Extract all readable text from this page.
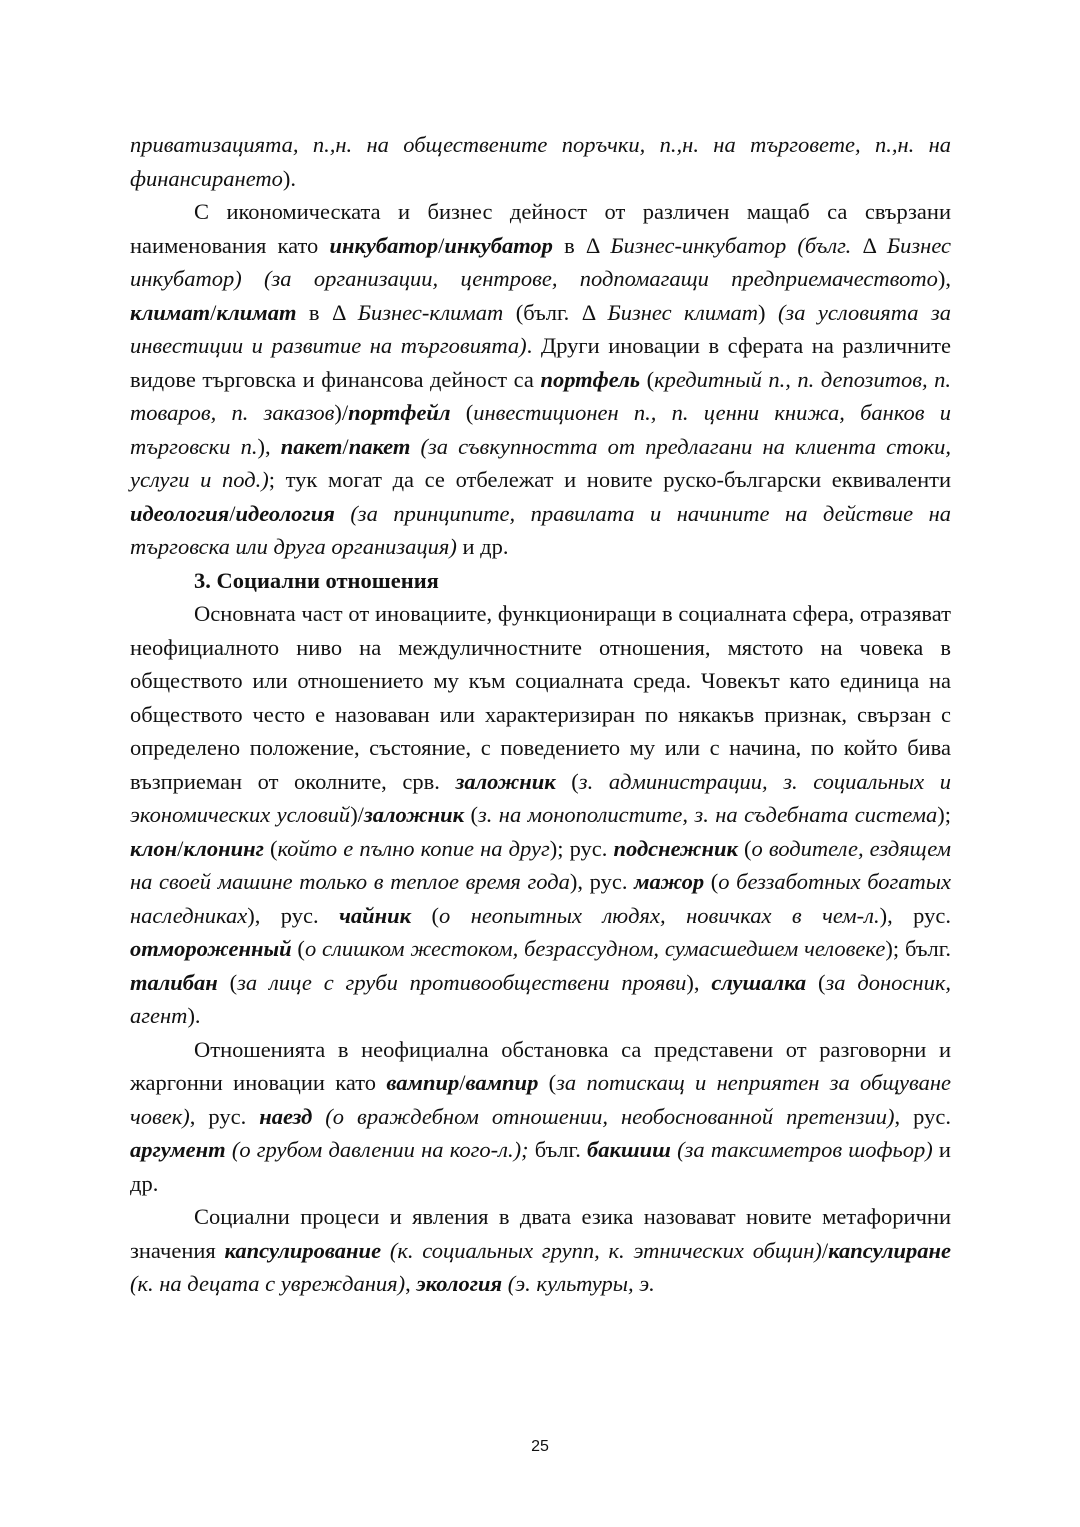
приватизацията, п.,н. на обществените поръчки, п.,н. на търговете, п.,н. на финансирането).

С икономическата и бизнес дейност от различен мащаб са свързани наименования като инкубатор/инкубатор в Δ Бизнес-инкубатор (бълг. Δ Бизнес инкубатор) (за организации, центрове, подпомагащи предприемачеството), климат/климат в Δ Бизнес-климат (бълг. Δ Бизнес климат) (за условията за инвестиции и развитие на търговията). Други иновации в сферата на различните видове търговска и финансова дейност са портфель (кредитный п., п. депозитов, п. товаров, п. заказов)/портфейл (инвестиционен п., п. ценни книжа, банков и търговски п.), пакет/пакет (за съвкупността от предлагани на клиента стоки, услуги и под.); тук могат да се отбележат и новите руско-български еквиваленти идеология/идеология (за принципите, правилата и начините на действие на търговска или друга организация) и др.

3. Социални отношения

Основната част от иновациите, функциониращи в социалната сфера, отразяват неофициалното ниво на междуличностните отношения, мястото на човека в обществото или отношението му към социалната среда. Човекът като единица на обществото често е назоваван или характеризиран по някакъв признак, свързан с определено положение, състояние, с поведението му или с начина, по който бива възприеман от околните, срв. заложник (з. администрации, з. социальных и экономических условий)/заложник (з. на монополистите, з. на съдебната система); клон/клонинг (който е пълно копие на друг); рус. подснежник (о водителе, ездящем на своей машине только в теплое время года), рус. мажор (о беззаботных богатых наследниках), рус. чайник (о неопытных людях, новичках в чем-л.), рус. отмороженный (о слишком жестоком, безрассудном, сумасшедшем человеке); бълг. талибан (за лице с груби противообществени прояви), слушалка (за доносник, агент).

Отношенията в неофициална обстановка са представени от разговорни и жаргонни иновации като вампир/вампир (за потискащ и неприятен за общуване човек), рус. наезд (о враждебном отношении, необоснованной претензии), рус. аргумент (о грубом давлении на кого-л.); бълг. бакшиш (за таксиметров шофьор) и др.

Социални процеси и явления в двата езика назовават новите метафорични значения капсулирование (к. социальных групп, к. этнических общин)/капсулиране (к. на децата с увреждания), экология (э. культуры, э.

25
